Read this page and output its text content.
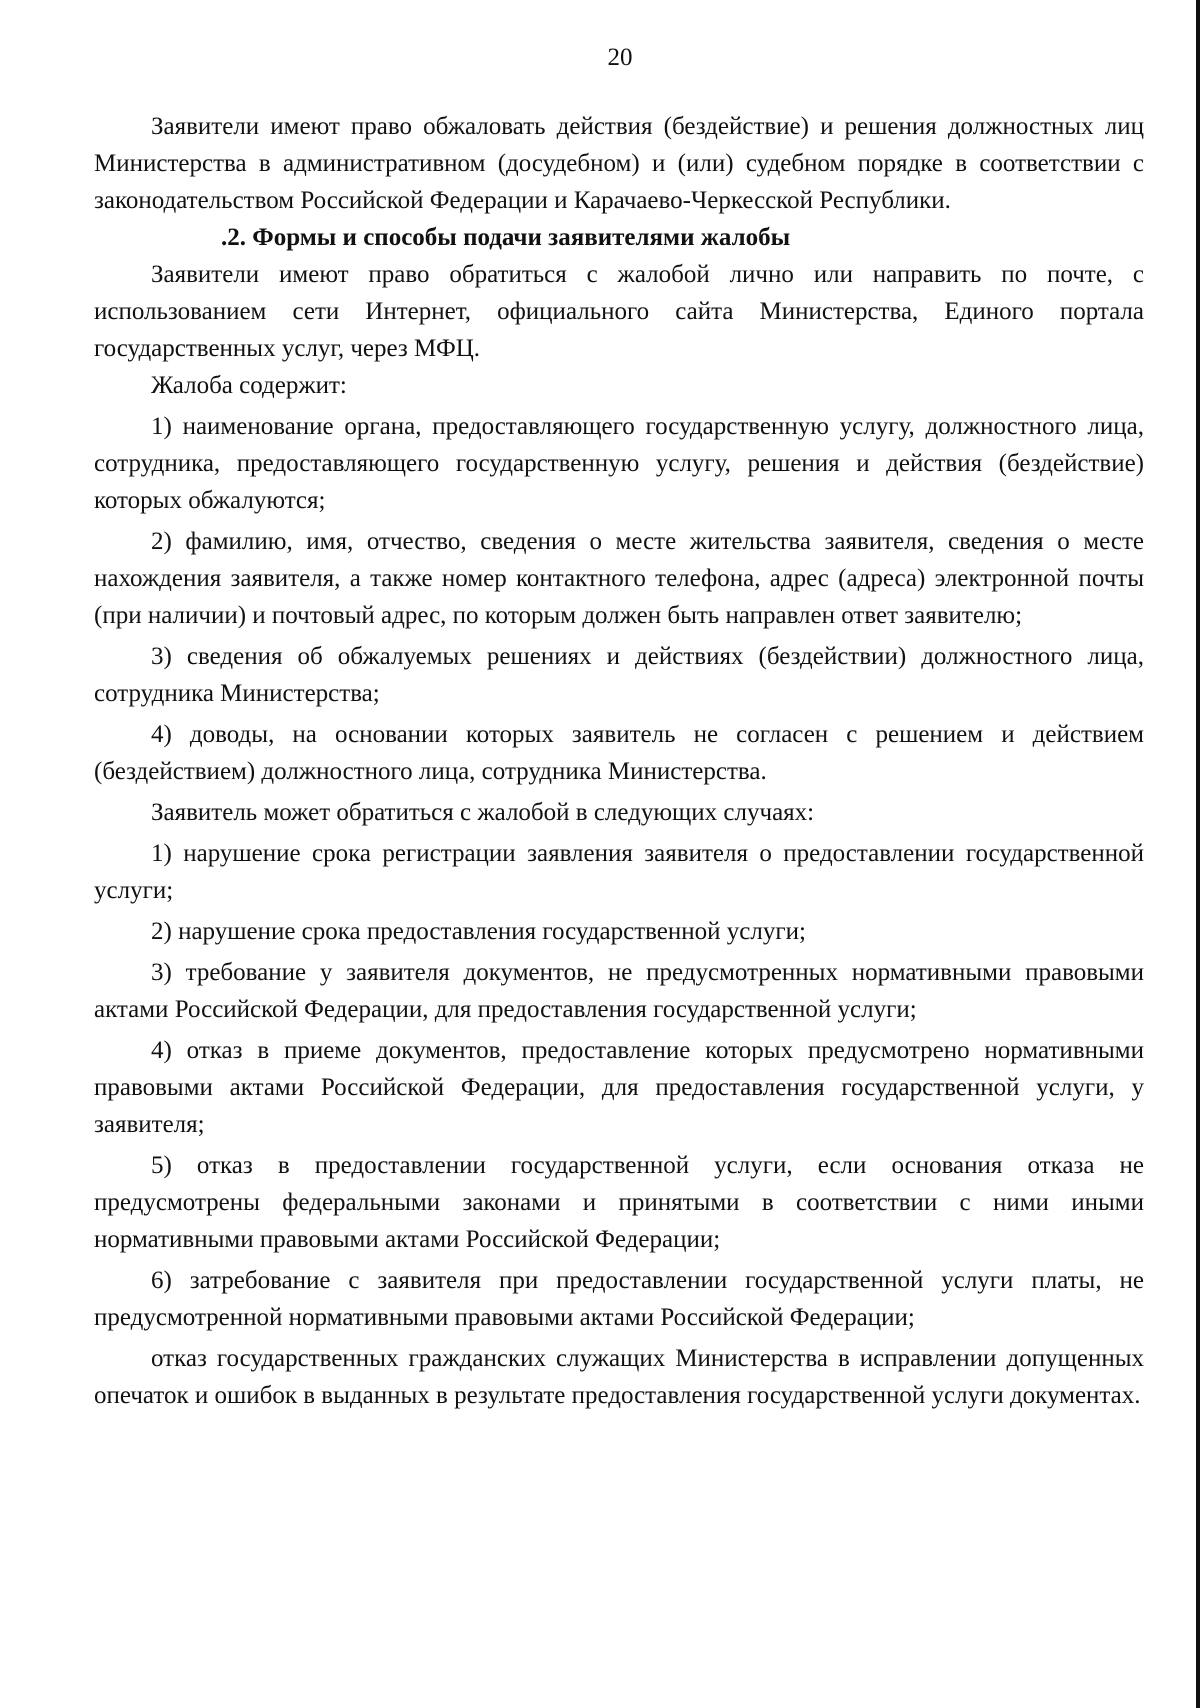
20

Заявители имеют право обжаловать действия (бездействие) и решения должностных лиц Министерства в административном (досудебном) и (или) судебном порядке в соответствии с законодательством Российской Федерации и Карачаево-Черкесской Республики.

.2. Формы и способы подачи заявителями жалобы

Заявители имеют право обратиться с жалобой лично или направить по почте, с использованием сети Интернет, официального сайта Министерства, Единого портала государственных услуг, через МФЦ.

Жалоба содержит:

1) наименование органа, предоставляющего государственную услугу, должностного лица, сотрудника, предоставляющего государственную услугу, решения и действия (бездействие) которых обжалуются;

2) фамилию, имя, отчество, сведения о месте жительства заявителя, сведения о месте нахождения заявителя, а также номер контактного телефона, адрес (адреса) электронной почты (при наличии) и почтовый адрес, по которым должен быть направлен ответ заявителю;

3) сведения об обжалуемых решениях и действиях (бездействии) должностного лица, сотрудника Министерства;

4) доводы, на основании которых заявитель не согласен с решением и действием (бездействием) должностного лица, сотрудника Министерства.

Заявитель может обратиться с жалобой в следующих случаях:

1) нарушение срока регистрации заявления заявителя о предоставлении государственной услуги;

2) нарушение срока предоставления государственной услуги;

3) требование у заявителя документов, не предусмотренных нормативными правовыми актами Российской Федерации, для предоставления государственной услуги;

4) отказ в приеме документов, предоставление которых предусмотрено нормативными правовыми актами Российской Федерации, для предоставления государственной услуги, у заявителя;

5) отказ в предоставлении государственной услуги, если основания отказа не предусмотрены федеральными законами и принятыми в соответствии с ними иными нормативными правовыми актами Российской Федерации;

6) затребование с заявителя при предоставлении государственной услуги платы, не предусмотренной нормативными правовыми актами Российской Федерации;

отказ государственных гражданских служащих Министерства в исправлении допущенных опечаток и ошибок в выданных в результате предоставления государственной услуги документах.
